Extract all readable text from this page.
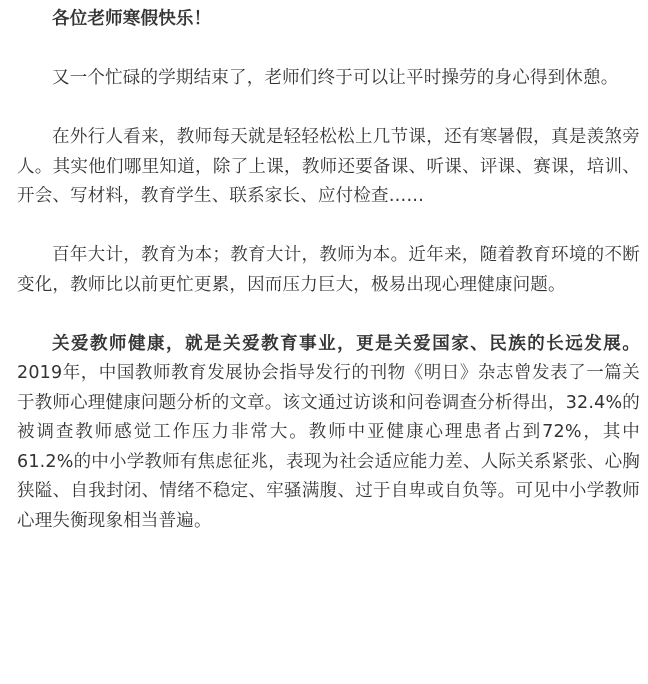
各位老师寒假快乐！

又一个忙碌的学期结束了，老师们终于可以让平时操劳的身心得到休憩。

在外行人看来，教师每天就是轻轻松松上几节课，还有寒暑假，真是羡煞旁人。其实他们哪里知道，除了上课，教师还要备课、听课、评课、赛课，培训、开会、写材料，教育学生、联系家长、应付检查……

百年大计，教育为本；教育大计，教师为本。近年来，随着教育环境的不断变化，教师比以前更忙更累，因而压力巨大，极易出现心理健康问题。

关爱教师健康，就是关爱教育事业，更是关爱国家、民族的长远发展。2019年，中国教师教育发展协会指导发行的刊物《明日》杂志曾发表了一篇关于教师心理健康问题分析的文章。该文通过访谈和问卷调查分析得出，32.4%的被调查教师感觉工作压力非常大。教师中亚健康心理患者占到72%，其中61.2%的中小学教师有焦虑征兆，表现为社会适应能力差、人际关系紧张、心胸狭隘、自我封闭、情绪不稳定、牢骚满腹、过于自卑或自负等。可见中小学教师心理失衡现象相当普遍。
